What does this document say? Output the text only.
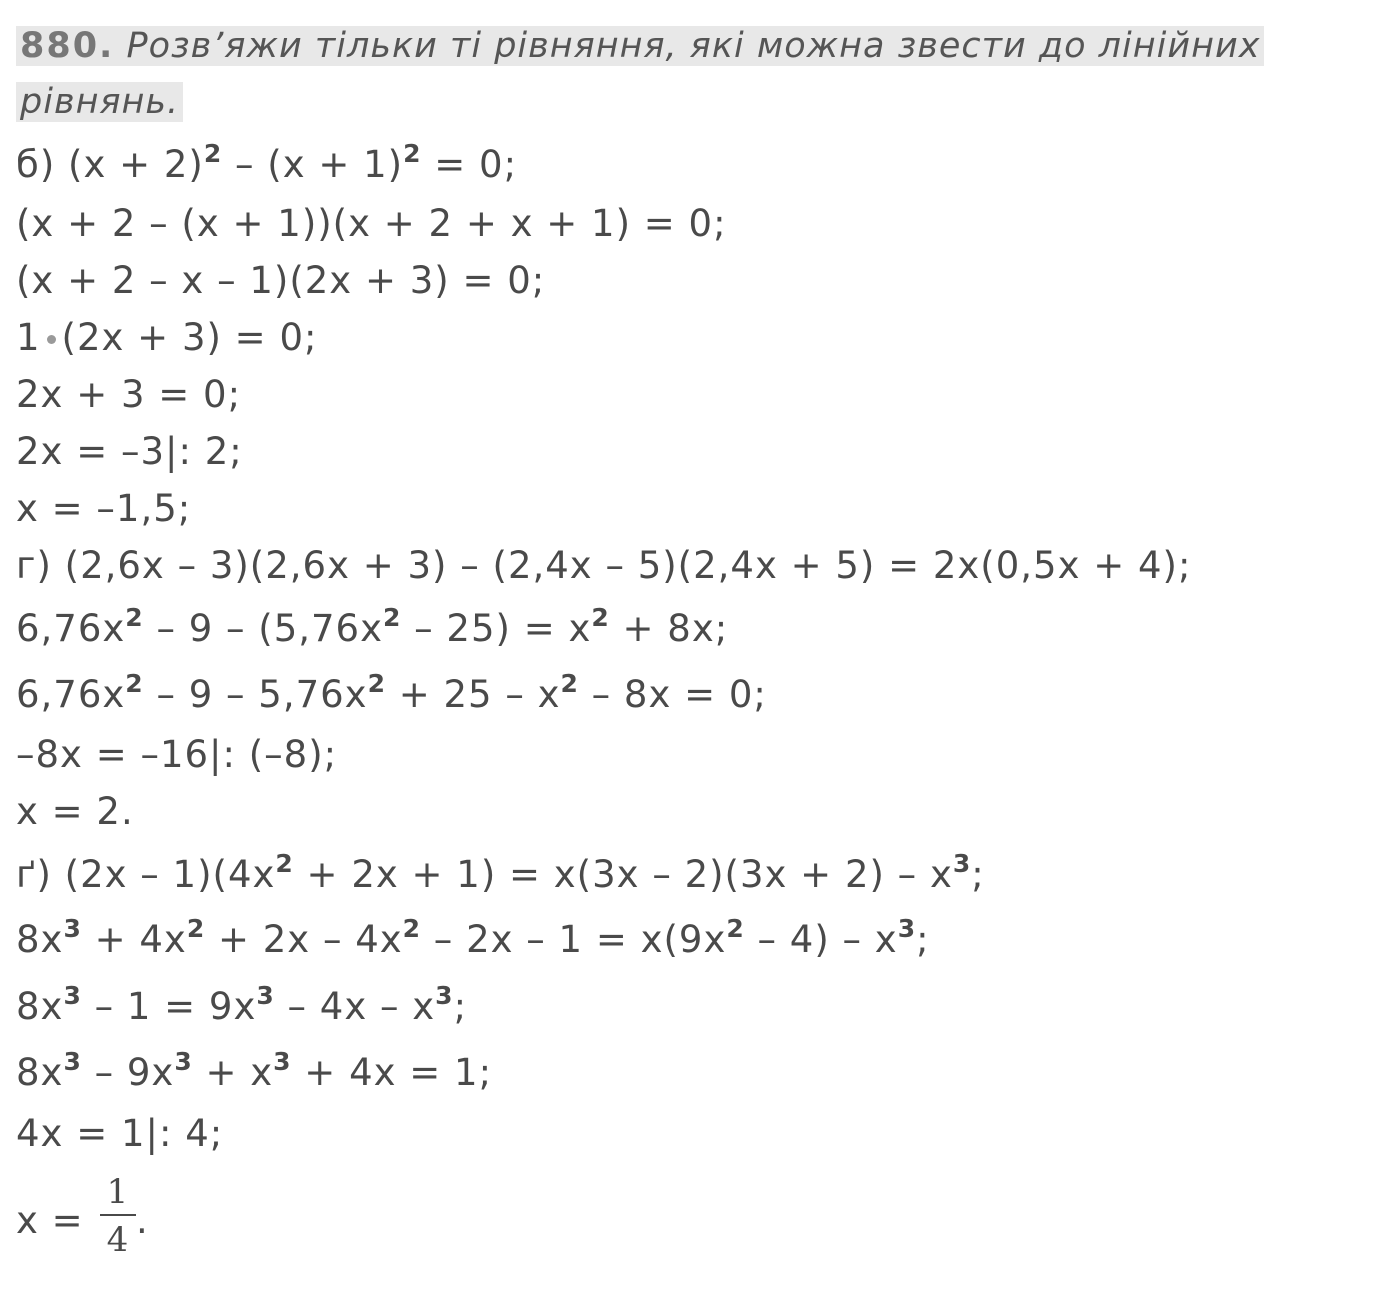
880. Розв’яжи тільки ті рівняння, які можна звести до лінійних рівнянь.
б) $(x + 2)^2 - (x + 1)^2 = 0$;
(x + 2 – (x + 1))(x + 2 + x + 1) = 0;
(x + 2 – x – 1)(2x + 3) = 0;
1 (2x + 3) = 0;
2x + 3 = 0;
2x = –3|: 2;
x = –1,5;
г) (2,6x – 3)(2,6x + 3) – (2,4x – 5)(2,4x + 5) = 2x(0,5x + 4);
$6,76x^2 - 9 - (5,76x^2 - 25) = x^2 + 8x$;
$6,76x^2 - 9 - 5,76x^2 + 25 - x^2 - 8x = 0$;
–8x = –16|: (–8);
x = 2.
ґ) $(2x - 1)(4x^2 + 2x + 1) = x(3x - 2)(3x + 2) - x^3$;
$8x^3 + 4x^2 + 2x - 4x^2 - 2x - 1 = x(9x^2 - 4) - x^3$;
$8x^3 - 1 = 9x^3 - 4x - x^3$;
$8x^3 - 9x^3 + x^3 + 4x = 1$;
4x = 1|: 4;
x =
1
4 .
